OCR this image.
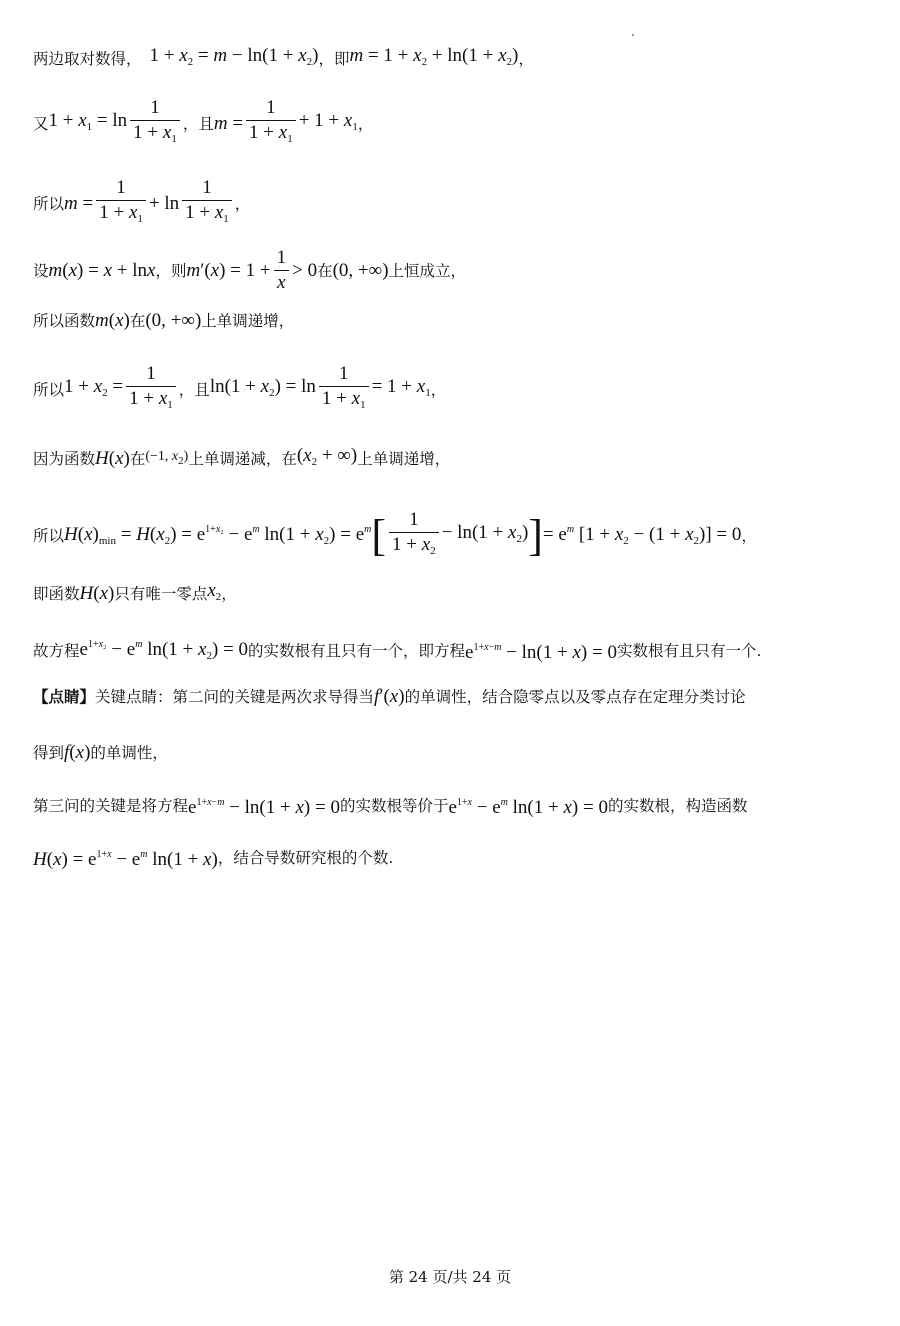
两边取对数得， $1 + x_2 = m - \ln(1 + x_2)$ ，即 $m = 1 + x_2 + \ln(1 + x_2)$ ，
又 $1 + x_1 = \ln \frac{1}{1 + x_1}$ ，且 $m = \frac{1}{1 + x_1} + 1 + x_1$ ，
所以 $m = \frac{1}{1 + x_1} + \ln \frac{1}{1 + x_1}$ ，
设 m(x) = x + lnx ，则 $m'(x) = 1 + \frac{1}{x} > 0$ 在 (0, +∞) 上恒成立，
所以函数 m(x) 在 (0, +∞) 上单调递增，
所以 $1 + x_2 = \frac{1}{1 + x_1}$ ，且 $\ln(1 + x_2) = \ln \frac{1}{1 + x_1} = 1 + x_1$ ，
因为函数 H(x) 在 (−1, $x_2$) 上单调递减，在 ($x_2$ + ∞) 上单调递增，
所以 $H(x)_{min} = H(x_2) = e^{1+x_2} - e^m$ $\ln(1 + x_2) = e^m$ [ $\frac{1}{1 + x_2} - \ln(1 + x_2)$ ] = $e^m$ $[1 + x_2 - (1 + x_2)] = 0$ ，
即函数 H(x) 只有唯一零点 $x_2$ ，
故方程 $e^{1+x_2} - e^m$ $\ln(1 + x_2) = 0$ 的实数根有且只有一个，即方程 $e^{1+x-m} - \ln(1 + x) = 0$ 实数根有且只有一个.
【点睛】 关键点睛：第二问的关键是两次求导得当 f′(x) 的单调性，结合隐零点以及零点存在定理分类讨论
得到 f(x) 的单调性，
第三问的关键是将方程 $e^{1+x-m} - \ln(1 + x) = 0$ 的实数根等价于 $e^{1+x} - e^m$ ln(1 + x) = 0 的实数根，构造函数
$H(x) = e^{1+x} - e^m$ ln(1 + x) ，结合导数研究根的个数.
第 24 页/共 24 页
